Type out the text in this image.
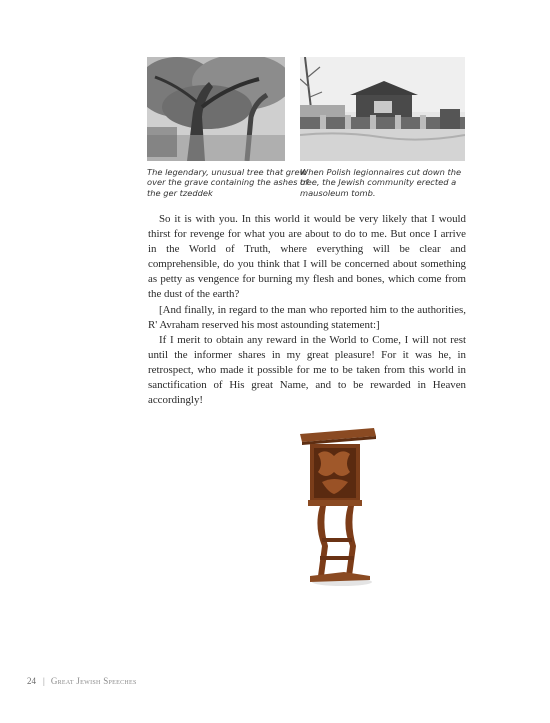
The legendary, unusual tree that grew over the grave containing the ashes of the ger tzeddek
When Polish legionnaires cut down the tree, the Jewish community erected a mausoleum tomb.

So it is with you. In this world it would be very likely that I would thirst for revenge for what you are about to do to me. But once I arrive in the World of Truth, where everything will be clear and comprehensible, do you think that I will be concerned about something as petty as vengence for burning my flesh and bones, which come from the dust of the earth?

[And finally, in regard to the man who reported him to the authorities, R' Avraham reserved his most astounding statement:]

If I merit to obtain any reward in the World to Come, I will not rest until the informer shares in my great pleasure! For it was he, in retrospect, who made it possible for me to be taken from this world in sanctification of His great Name, and to be rewarded in Heaven accordingly!

24 | Great Jewish Speeches
